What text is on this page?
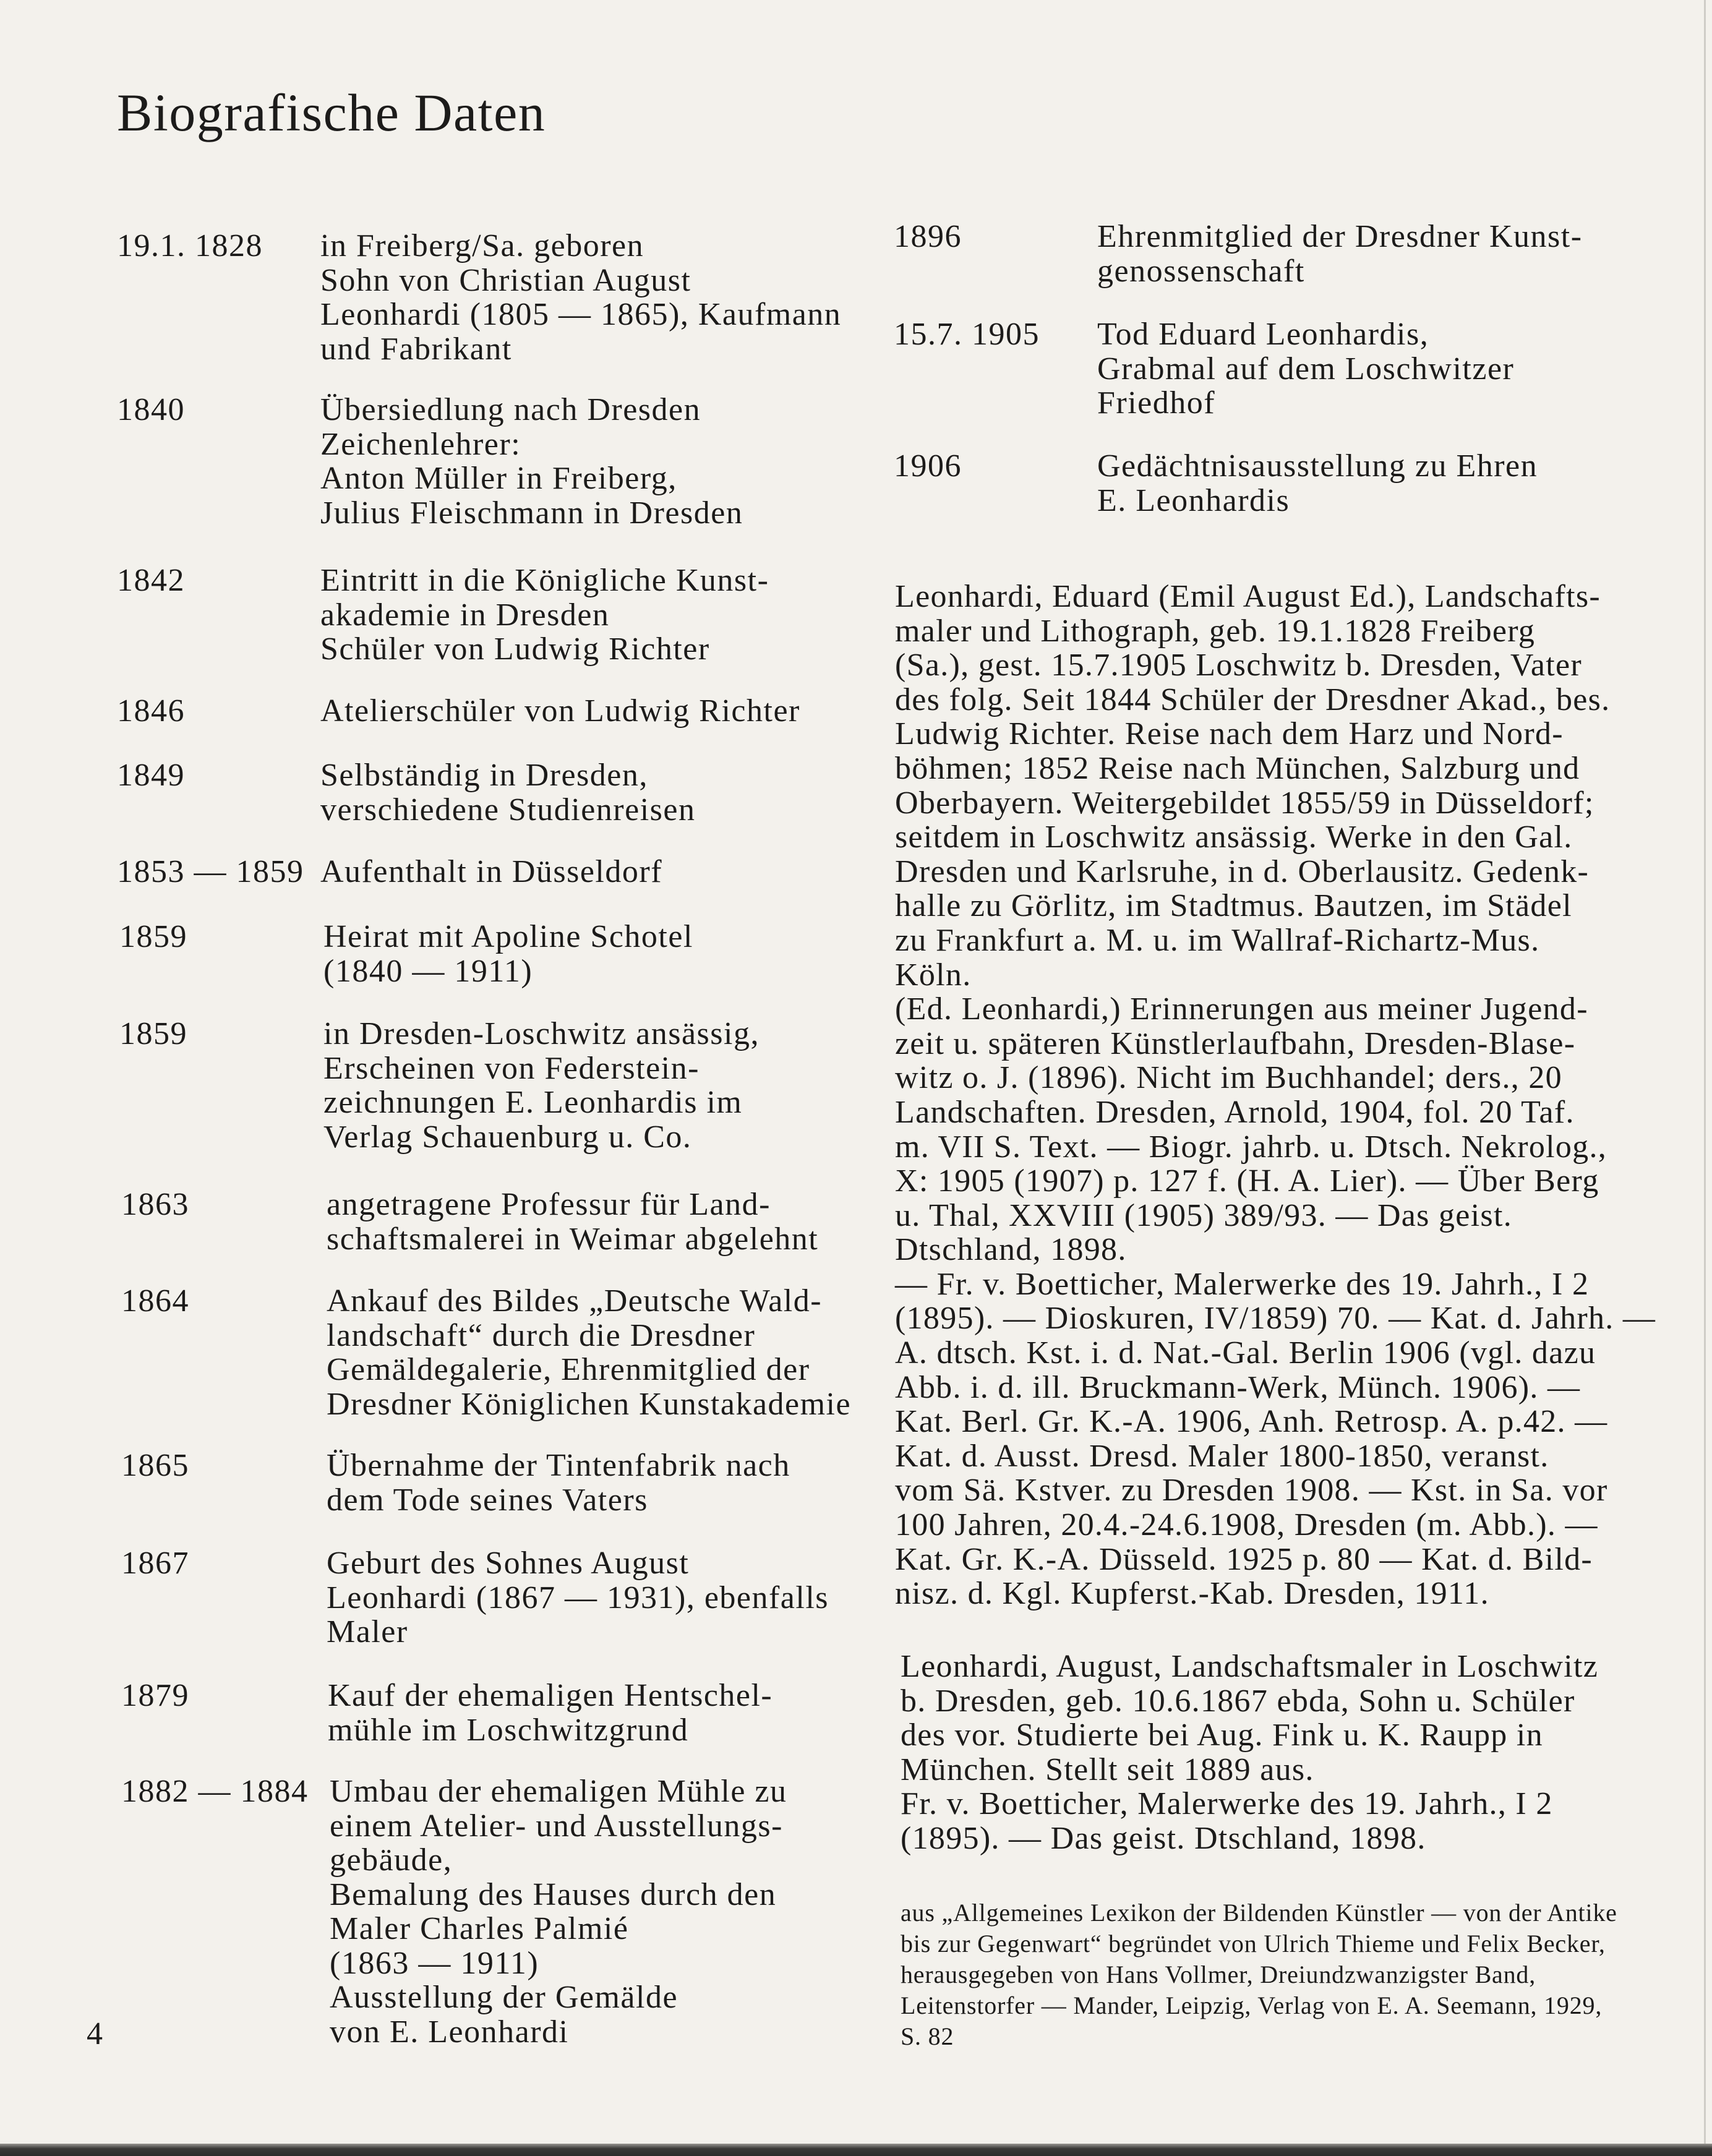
Biografische Daten
19.1. 1828 in Freiberg/Sa. geboren
Sohn von Christian August
Leonhardi (1805 — 1865), Kaufmann
und Fabrikant
1840	Übersiedlung nach Dresden
Zeichenlehrer:
Anton Müller in Freiberg,
Julius Fleischmann in Dresden
1842	Eintritt in die Königliche Kunst-
akademie in Dresden
Schüler von Ludwig Richter
1846	Atelierschüler von Ludwig Richter
1849	Selbständig in Dresden,
verschiedene Studienreisen
1853 — 1859 Aufenthalt in Düsseldorf
1859	Heirat mit Apoline Schotel
(1840 — 1911)
1859	in Dresden-Loschwitz ansässig,
Erscheinen von Federstein-
zeichnungen E. Leonhardis im
Verlag Schauenburg u. Co.
1863	angetragene Professur für Land-
schaftsmalerei in Weimar abgelehnt
1864	Ankauf des Bildes „Deutsche Wald-
landschaft“ durch die Dresdner
Gemäldegalerie, Ehrenmitglied der
Dresdner Königlichen Kunstakademie
1865	Übernahme der Tintenfabrik nach
dem Tode seines Vaters
1867	Geburt des Sohnes August
Leonhardi (1867 — 1931), ebenfalls
Maler
1879	Kauf der ehemaligen Hentschel-
mühle im Loschwitzgrund
1882 — 1884 Umbau der ehemaligen Mühle zu
einem Atelier- und Ausstellungs-
gebäude,
Bemalung des Hauses durch den
Maler Charles Palmié
(1863 — 1911)
Ausstellung der Gemälde
von E. Leonhardi
1896	Ehrenmitglied der Dresdner Kunst-
genossenschaft
15.7. 1905 Tod Eduard Leonhardis,
Grabmal auf dem Loschwitzer
Friedhof
1906	Gedächtnisausstellung zu Ehren
E. Leonhardis
Leonhardi, Eduard (Emil August Ed.), Landschafts-
maler und Lithograph, geb. 19.1.1828 Freiberg
(Sa.), gest. 15.7.1905 Loschwitz b. Dresden, Vater
des folg. Seit 1844 Schüler der Dresdner Akad., bes.
Ludwig Richter. Reise nach dem Harz und Nord-
böhmen; 1852 Reise nach München, Salzburg und
Oberbayern. Weitergebildet 1855/59 in Düsseldorf;
seitdem in Loschwitz ansässig. Werke in den Gal.
Dresden und Karlsruhe, in d. Oberlausitz. Gedenk-
halle zu Görlitz, im Stadtmus. Bautzen, im Städel
zu Frankfurt a. M. u. im Wallraf-Richartz-Mus.
Köln.
(Ed. Leonhardi,) Erinnerungen aus meiner Jugend-
zeit u. späteren Künstlerlaufbahn, Dresden-Blase-
witz o. J. (1896). Nicht im Buchhandel; ders., 20
Landschaften. Dresden, Arnold, 1904, fol. 20 Taf.
m. VII S. Text. — Biogr. jahrb. u. Dtsch. Nekrolog.,
X: 1905 (1907) p. 127 f. (H. A. Lier). — Über Berg
u. Thal, XXVIII (1905) 389/93. — Das geist.
Dtschland, 1898.
— Fr. v. Boetticher, Malerwerke des 19. Jahrh., I 2
(1895). — Dioskuren, IV/1859) 70. — Kat. d. Jahrh. —
A. dtsch. Kst. i. d. Nat.-Gal. Berlin 1906 (vgl. dazu
Abb. i. d. ill. Bruckmann-Werk, Münch. 1906). —
Kat. Berl. Gr. K.-A. 1906, Anh. Retrosp. A. p.42. —
Kat. d. Ausst. Dresd. Maler 1800-1850, veranst.
vom Sä. Kstver. zu Dresden 1908. — Kst. in Sa. vor
100 Jahren, 20.4.-24.6.1908, Dresden (m. Abb.). —
Kat. Gr. K.-A. Düsseld. 1925 p. 80 — Kat. d. Bild-
nisz. d. Kgl. Kupferst.-Kab. Dresden, 1911.
Leonhardi, August, Landschaftsmaler in Loschwitz
b. Dresden, geb. 10.6.1867 ebda, Sohn u. Schüler
des vor. Studierte bei Aug. Fink u. K. Raupp in
München. Stellt seit 1889 aus.
Fr. v. Boetticher, Malerwerke des 19. Jahrh., I 2
(1895). — Das geist. Dtschland, 1898.
aus „Allgemeines Lexikon der Bildenden Künstler — von der Antike
bis zur Gegenwart“ begründet von Ulrich Thieme und Felix Becker,
herausgegeben von Hans Vollmer, Dreiundzwanzigster Band,
Leitenstorfer — Mander, Leipzig, Verlag von E. A. Seemann, 1929,
S. 82
4
